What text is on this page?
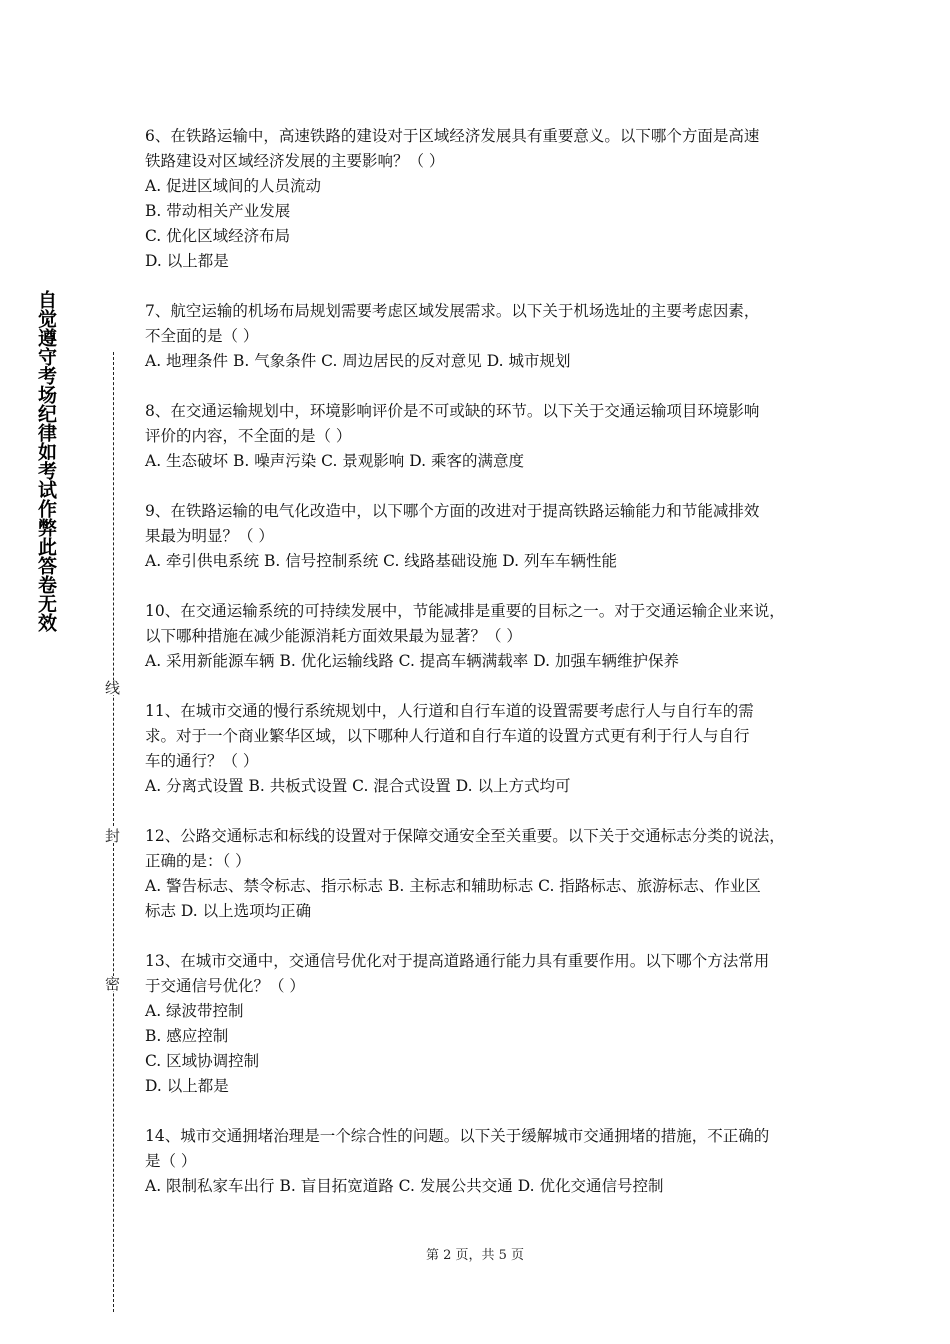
自觉遵守考场纪律如考试作弊此答卷无效
线
封
密

6、在铁路运输中，高速铁路的建设对于区域经济发展具有重要意义。以下哪个方面是高速

铁路建设对区域经济发展的主要影响？（ ）

A. 促进区域间的人员流动

B. 带动相关产业发展

C. 优化区域经济布局

D. 以上都是

7、航空运输的机场布局规划需要考虑区域发展需求。以下关于机场选址的主要考虑因素，

不全面的是（ ）

A. 地理条件 B. 气象条件 C. 周边居民的反对意见 D. 城市规划

8、在交通运输规划中，环境影响评价是不可或缺的环节。以下关于交通运输项目环境影响

评价的内容，不全面的是（ ）

A. 生态破坏 B. 噪声污染 C. 景观影响 D. 乘客的满意度

9、在铁路运输的电气化改造中，以下哪个方面的改进对于提高铁路运输能力和节能减排效

果最为明显？（ ）

A. 牵引供电系统 B. 信号控制系统 C. 线路基础设施 D. 列车车辆性能

10、在交通运输系统的可持续发展中，节能减排是重要的目标之一。对于交通运输企业来说，

以下哪种措施在减少能源消耗方面效果最为显著？（ ）

A. 采用新能源车辆 B. 优化运输线路 C. 提高车辆满载率 D. 加强车辆维护保养

11、在城市交通的慢行系统规划中，人行道和自行车道的设置需要考虑行人与自行车的需

求。对于一个商业繁华区域，以下哪种人行道和自行车道的设置方式更有利于行人与自行

车的通行？（ ）

A. 分离式设置 B. 共板式设置 C. 混合式设置 D. 以上方式均可

12、公路交通标志和标线的设置对于保障交通安全至关重要。以下关于交通标志分类的说法，

正确的是：（ ）

A. 警告标志、禁令标志、指示标志 B. 主标志和辅助标志 C. 指路标志、旅游标志、作业区

标志 D. 以上选项均正确

13、在城市交通中，交通信号优化对于提高道路通行能力具有重要作用。以下哪个方法常用

于交通信号优化？（ ）

A. 绿波带控制

B. 感应控制

C. 区域协调控制

D. 以上都是

14、城市交通拥堵治理是一个综合性的问题。以下关于缓解城市交通拥堵的措施，不正确的

是（ ）

A. 限制私家车出行 B. 盲目拓宽道路 C. 发展公共交通 D. 优化交通信号控制

第 2 页，共 5 页
